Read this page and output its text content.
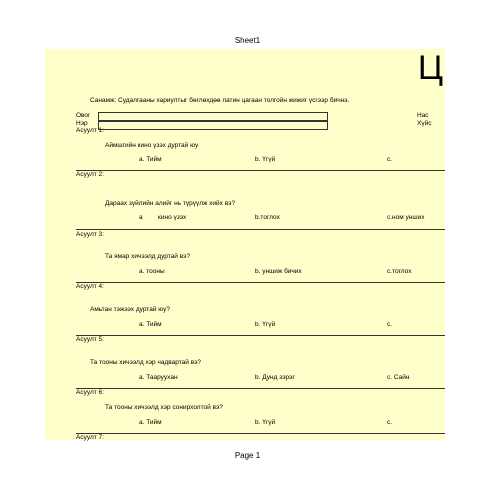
Sheet1
Ц
Санамж: Судалгааны хариултыг бөглөхдөө латин цагаан толгойн жижиг үсгээр бичнэ.
Овог
Нэр
Нас
Хүйс
Асуулт 1:
Аймшгийн кино үзэх дуртай юу
a. Тийм	b. Үгүй	c.
Асуулт 2:
Дараах зүйлийн алийг нь түрүүлж хийх вэ?
a кино үзэх	b.тоглох	c.ном унших
Асуулт 3:
Та ямар хичээлд дуртай вэ?
a. тооны	b. уншиж бичих	c.тоглох
Асуулт 4:
Амьтан тэжээх дуртай юу?
a. Тийм	b. Үгүй	c.
Асуулт 5:
Та тооны хичээлд хэр чадвартай вэ?
a. Таарууxан	b. Дунд зэрэг	c. Сайн
Асуулт 6:
Та тооны хичээлд хэр сонирхолтой вэ?
a. Тийм	b. Үгүй	c.
Асуулт 7:
Page 1
